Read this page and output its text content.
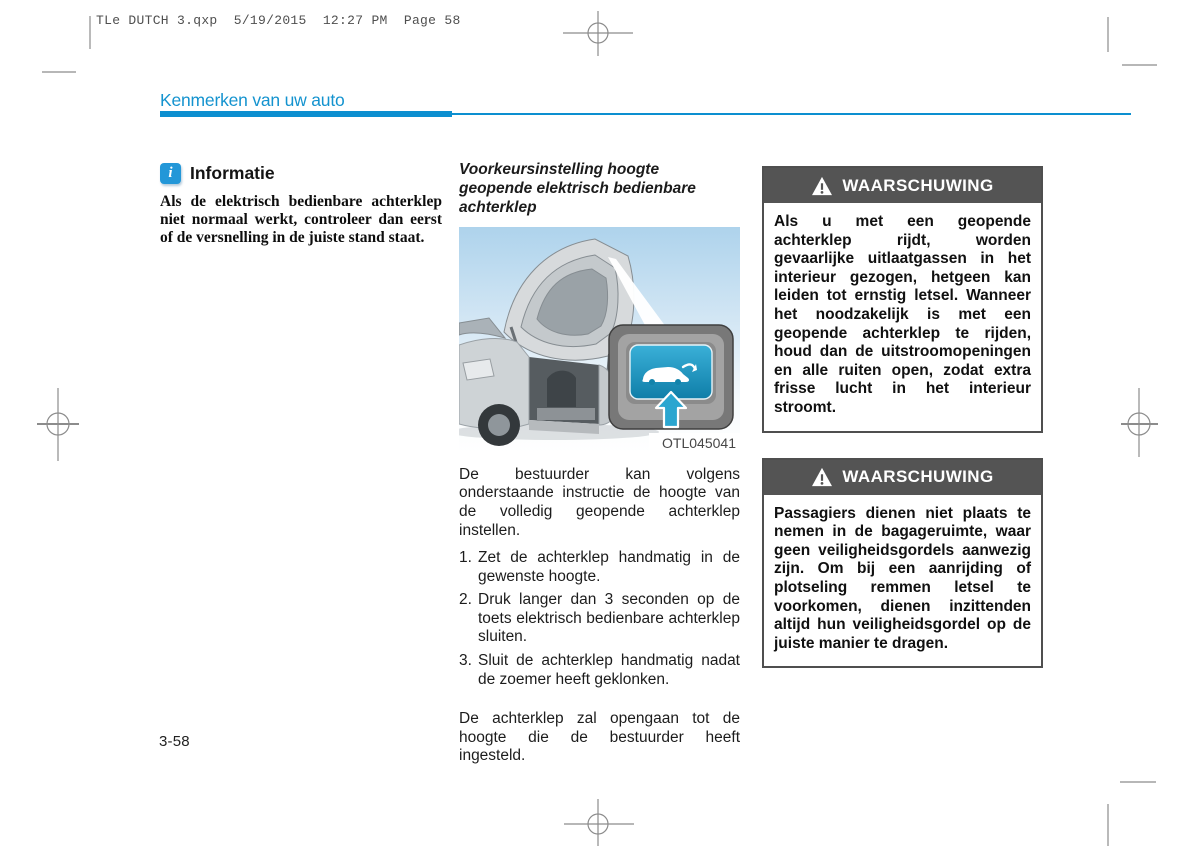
TLe DUTCH 3.qxp  5/19/2015  12:27 PM  Page 58
Kenmerken van uw auto
i Informatie
Als de elektrisch bedienbare achterklep niet normaal werkt, controleer dan eerst of de versnelling in de juiste stand staat.
Voorkeursinstelling hoogte
geopende elektrisch bedienbare
achterklep
OTL045041
De bestuurder kan volgens onderstaande instructie de hoogte van de volledig geopende achterklep instellen.
1. Zet de achterklep handmatig in de gewenste hoogte.
2. Druk langer dan 3 seconden op de toets elektrisch bedienbare achterklep sluiten.
3. Sluit de achterklep handmatig nadat de zoemer heeft geklonken.
De achterklep zal opengaan tot de hoogte die de bestuurder heeft ingesteld.
WAARSCHUWING
Als u met een geopende achterklep rijdt, worden gevaarlijke uitlaatgassen in het interieur gezogen, hetgeen kan leiden tot ernstig letsel. Wanneer het noodzakelijk is met een geopende achterklep te rijden, houd dan de uitstroomopeningen en alle ruiten open, zodat extra frisse lucht in het interieur stroomt.
WAARSCHUWING
Passagiers dienen niet plaats te nemen in de bagageruimte, waar geen veiligheidsgordels aanwezig zijn. Om bij een aanrijding of plotseling remmen letsel te voorkomen, dienen inzittenden altijd hun veiligheidsgordel op de juiste manier te dragen.
3-58
